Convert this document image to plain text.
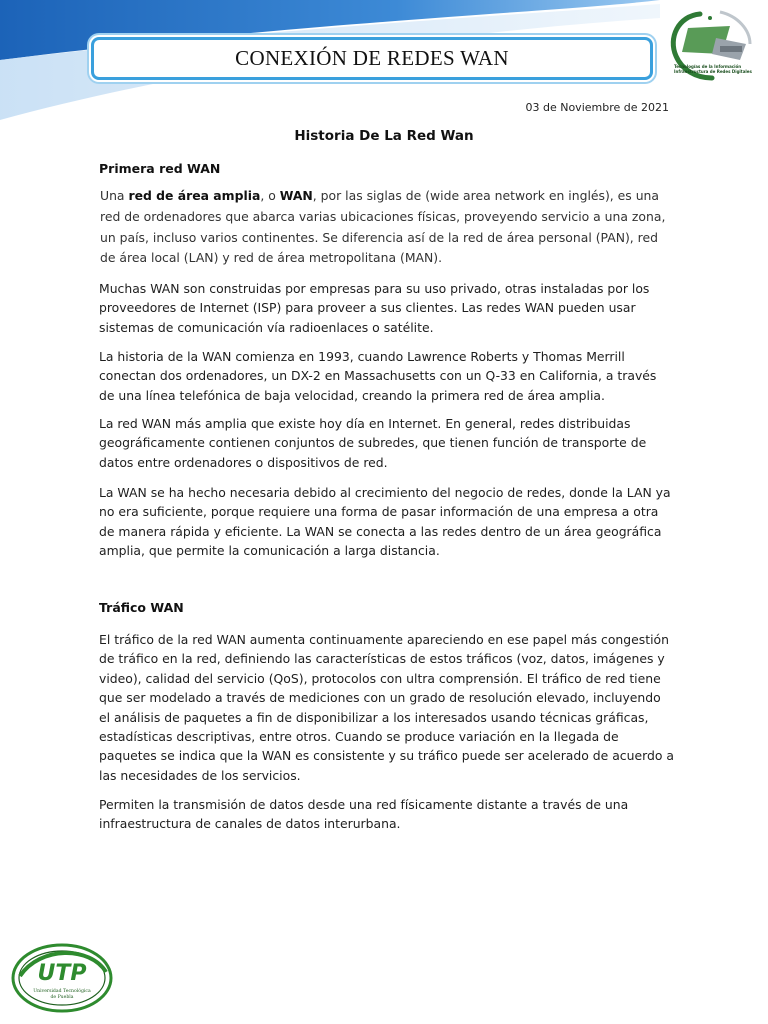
CONEXIÓN DE REDES WAN	Tecnologías de la Información
Infraestructura de Redes Digitales
03 de Noviembre de 2021
Historia De La Red Wan
Primera red WAN
Una red de área amplia, o WAN, por las siglas de (wide area network en inglés), es una red de ordenadores que abarca varias ubicaciones físicas, proveyendo servicio a una zona, un país, incluso varios continentes. Se diferencia así de la red de área personal (PAN), red de área local (LAN) y red de área metropolitana (MAN).
Muchas WAN son construidas por empresas para su uso privado, otras instaladas por los proveedores de Internet (ISP) para proveer a sus clientes. Las redes WAN pueden usar sistemas de comunicación vía radioenlaces o satélite.
La historia de la WAN comienza en 1993, cuando Lawrence Roberts y Thomas Merrill conectan dos ordenadores, un DX-2 en Massachusetts con un Q-33 en California, a través de una línea telefónica de baja velocidad, creando la primera red de área amplia.
La red WAN más amplia que existe hoy día en Internet. En general, redes distribuidas geográficamente contienen conjuntos de subredes, que tienen función de transporte de datos entre ordenadores o dispositivos de red.
La WAN se ha hecho necesaria debido al crecimiento del negocio de redes, donde la LAN ya no era suficiente, porque requiere una forma de pasar información de una empresa a otra de manera rápida y eficiente. La WAN se conecta a las redes dentro de un área geográfica amplia, que permite la comunicación a larga distancia.
Tráfico WAN
El tráfico de la red WAN aumenta continuamente apareciendo en ese papel más congestión de tráfico en la red, definiendo las características de estos tráficos (voz, datos, imágenes y video), calidad del servicio (QoS), protocolos con ultra comprensión. El tráfico de red tiene que ser modelado a través de mediciones con un grado de resolución elevado, incluyendo el análisis de paquetes a fin de disponibilizar a los interesados usando técnicas gráficas, estadísticas descriptivas, entre otros. Cuando se produce variación en la llegada de paquetes se indica que la WAN es consistente y su tráfico puede ser acelerado de acuerdo a las necesidades de los servicios.
Permiten la transmisión de datos desde una red físicamente distante a través de una infraestructura de canales de datos interurbana.
UTP
Universidad Tecnológica
de Puebla
